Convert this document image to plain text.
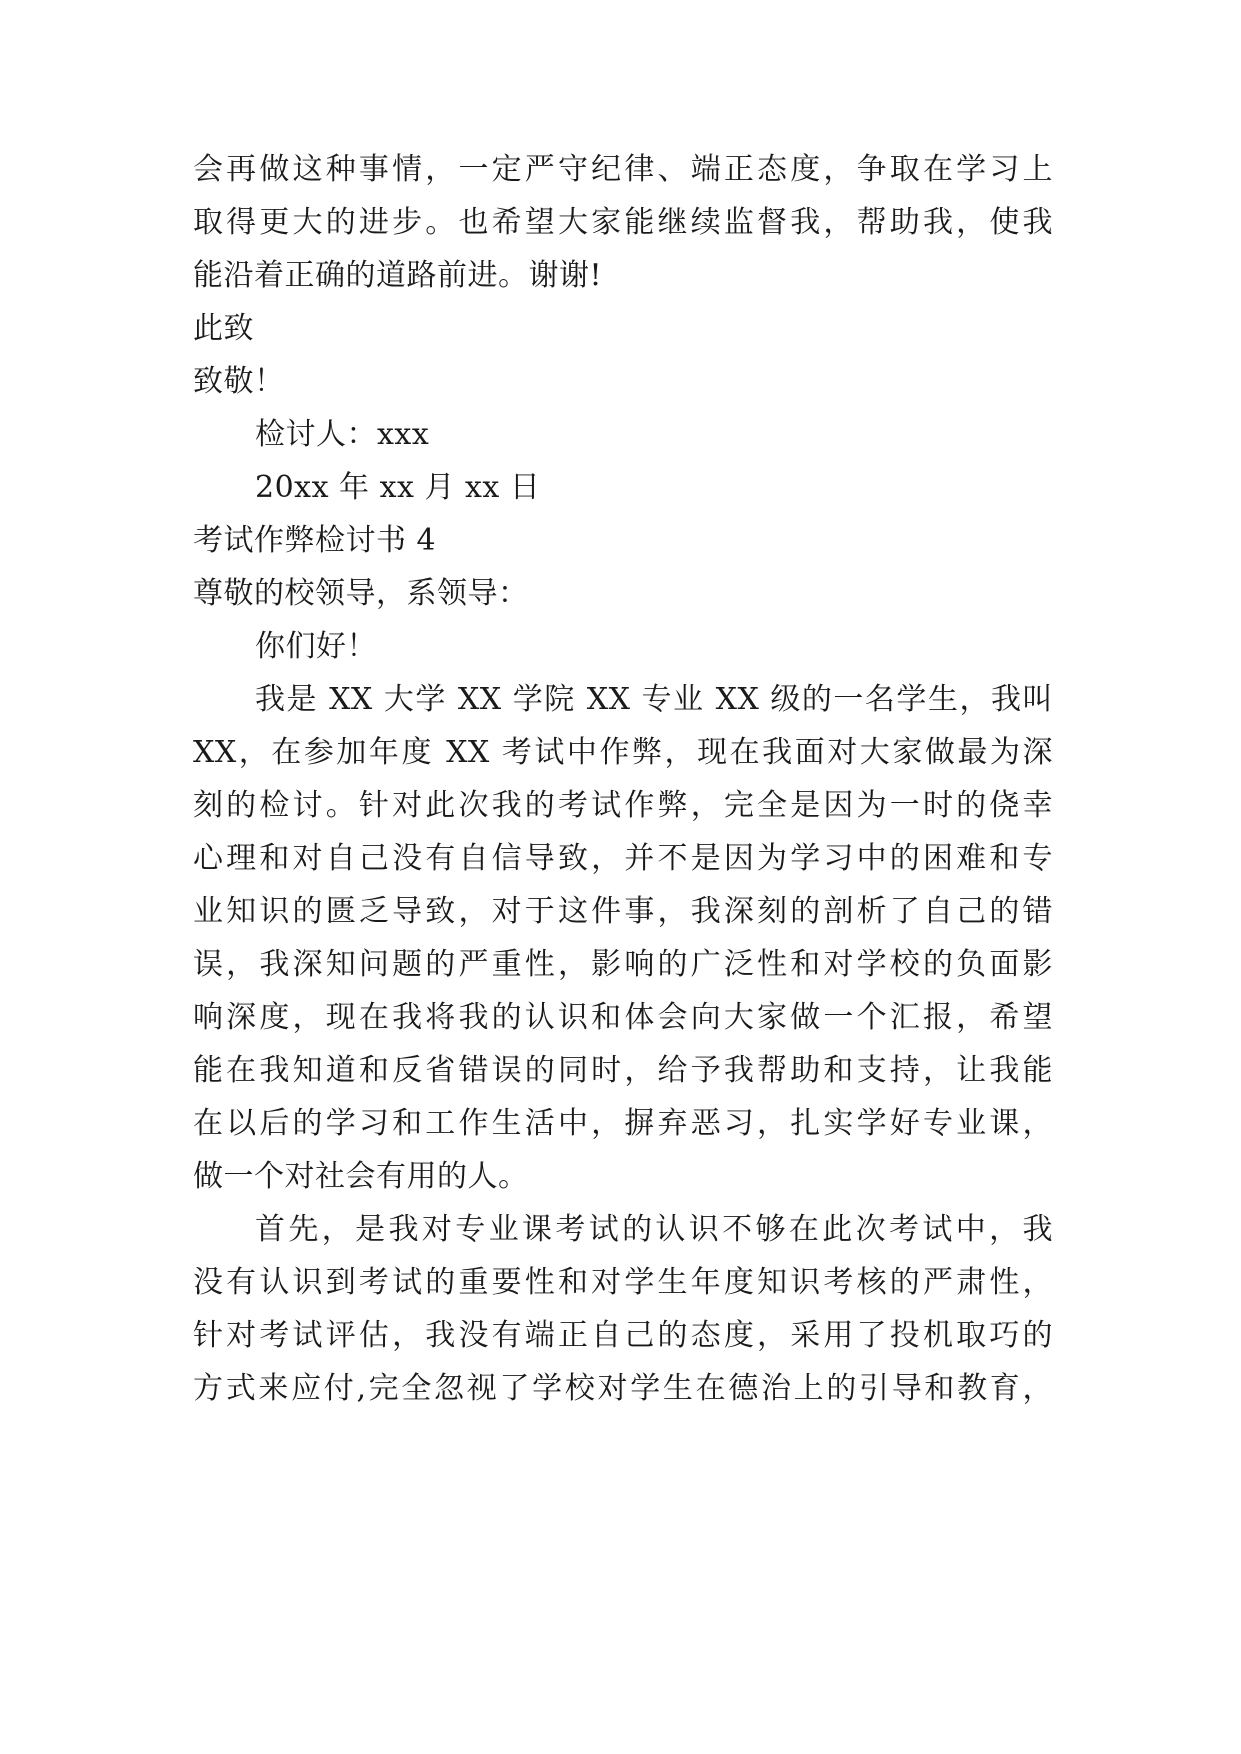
会再做这种事情，一定严守纪律、端正态度，争取在学习上
取得更大的进步。也希望大家能继续监督我，帮助我，使我
能沿着正确的道路前进。谢谢!
此致
致敬！
检讨人：xxx
20xx 年 xx 月 xx 日
考试作弊检讨书 4
尊敬的校领导，系领导：
你们好！
我是 XX 大学 XX 学院 XX 专业 XX 级的一名学生，我叫
XX，在参加年度 XX 考试中作弊，现在我面对大家做最为深
刻的检讨。针对此次我的考试作弊，完全是因为一时的侥幸
心理和对自己没有自信导致，并不是因为学习中的困难和专
业知识的匮乏导致，对于这件事，我深刻的剖析了自己的错
误，我深知问题的严重性，影响的广泛性和对学校的负面影
响深度，现在我将我的认识和体会向大家做一个汇报，希望
能在我知道和反省错误的同时，给予我帮助和支持，让我能
在以后的学习和工作生活中，摒弃恶习，扎实学好专业课，
做一个对社会有用的人。
首先，是我对专业课考试的认识不够在此次考试中，我
没有认识到考试的重要性和对学生年度知识考核的严肃性，
针对考试评估，我没有端正自己的态度，采用了投机取巧的
方式来应付,完全忽视了学校对学生在德治上的引导和教育，
